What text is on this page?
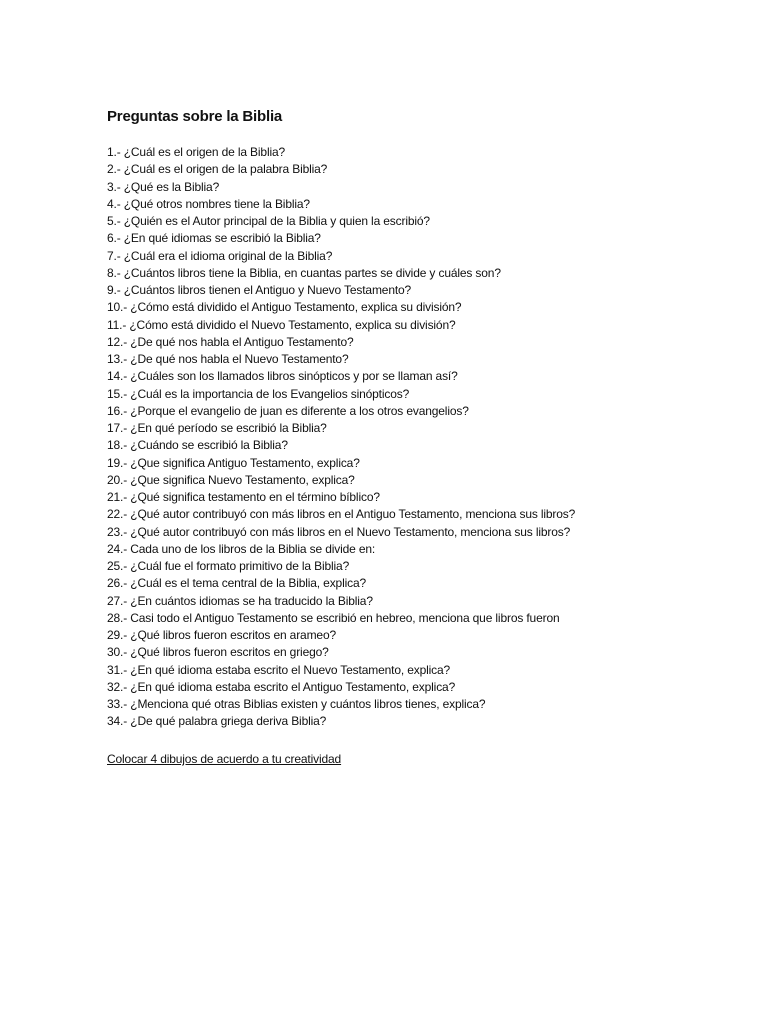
Preguntas sobre la Biblia
1.- ¿Cuál es el origen de la Biblia?
2.- ¿Cuál es el origen de la palabra Biblia?
3.- ¿Qué es la Biblia?
4.- ¿Qué otros nombres tiene la Biblia?
5.- ¿Quién es el Autor principal de la Biblia y quien la escribió?
6.- ¿En qué idiomas se escribió la Biblia?
7.- ¿Cuál era el idioma original de la Biblia?
8.- ¿Cuántos libros tiene la Biblia, en cuantas partes se divide y cuáles son?
9.- ¿Cuántos libros tienen el Antiguo y Nuevo Testamento?
10.- ¿Cómo está dividido el Antiguo Testamento, explica su división?
11.- ¿Cómo está dividido el Nuevo Testamento, explica su división?
12.- ¿De qué nos habla el Antiguo Testamento?
13.- ¿De qué nos habla el Nuevo Testamento?
14.- ¿Cuáles son los llamados libros sinópticos y por se llaman así?
15.- ¿Cuál es la importancia de los Evangelios sinópticos?
16.- ¿Porque el evangelio de juan es diferente a los otros evangelios?
17.- ¿En qué período se escribió la Biblia?
18.- ¿Cuándo se escribió la Biblia?
19.- ¿Que significa Antiguo Testamento, explica?
20.- ¿Que significa Nuevo Testamento, explica?
21.- ¿Qué significa testamento en el término bíblico?
22.- ¿Qué autor contribuyó con más libros en el Antiguo Testamento, menciona sus libros?
23.- ¿Qué autor contribuyó con más libros en el Nuevo Testamento, menciona sus libros?
24.- Cada uno de los libros de la Biblia se divide en:
25.- ¿Cuál fue el formato primitivo de la Biblia?
26.- ¿Cuál es el tema central de la Biblia, explica?
27.- ¿En cuántos idiomas se ha traducido la Biblia?
28.- Casi todo el Antiguo Testamento se escribió en hebreo, menciona que libros fueron
29.- ¿Qué libros fueron escritos en arameo?
30.- ¿Qué libros fueron escritos en griego?
31.- ¿En qué idioma estaba escrito el Nuevo Testamento, explica?
32.- ¿En qué idioma estaba escrito el Antiguo Testamento, explica?
33.- ¿Menciona qué otras Biblias existen y cuántos libros tienes, explica?
34.- ¿De qué palabra griega deriva Biblia?
Colocar 4 dibujos de acuerdo a tu creatividad
